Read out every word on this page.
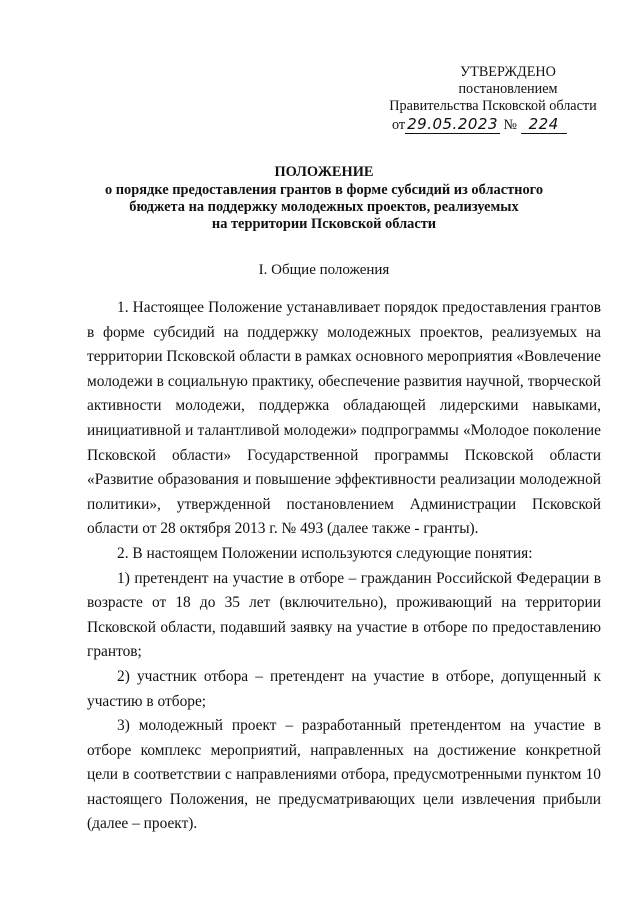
УТВЕРЖДЕНО
постановлением
Правительства Псковской области
от 29.05.2023 № 224
ПОЛОЖЕНИЕ
о порядке предоставления грантов в форме субсидий из областного
бюджета на поддержку молодежных проектов, реализуемых
на территории Псковской области
I. Общие положения

1. Настоящее Положение устанавливает порядок предоставления грантов в форме субсидий на поддержку молодежных проектов, реализуемых на территории Псковской области в рамках основного мероприятия «Вовлечение молодежи в социальную практику, обеспечение развития научной, творческой активности молодежи, поддержка обладающей лидерскими навыками, инициативной и талантливой молодежи» подпрограммы «Молодое поколение Псковской области» Государственной программы Псковской области «Развитие образования и повышение эффективности реализации молодежной политики», утвержденной постановлением Администрации Псковской области от 28 октября 2013 г. № 493 (далее также - гранты).

2. В настоящем Положении используются следующие понятия:

1) претендент на участие в отборе – гражданин Российской Федерации в возрасте от 18 до 35 лет (включительно), проживающий на территории Псковской области, подавший заявку на участие в отборе по предоставлению грантов;

2) участник отбора – претендент на участие в отборе, допущенный к участию в отборе;

3) молодежный проект – разработанный претендентом на участие в отборе комплекс мероприятий, направленных на достижение конкретной цели в соответствии с направлениями отбора, предусмотренными пунктом 10 настоящего Положения, не предусматривающих цели извлечения прибыли (далее – проект).
